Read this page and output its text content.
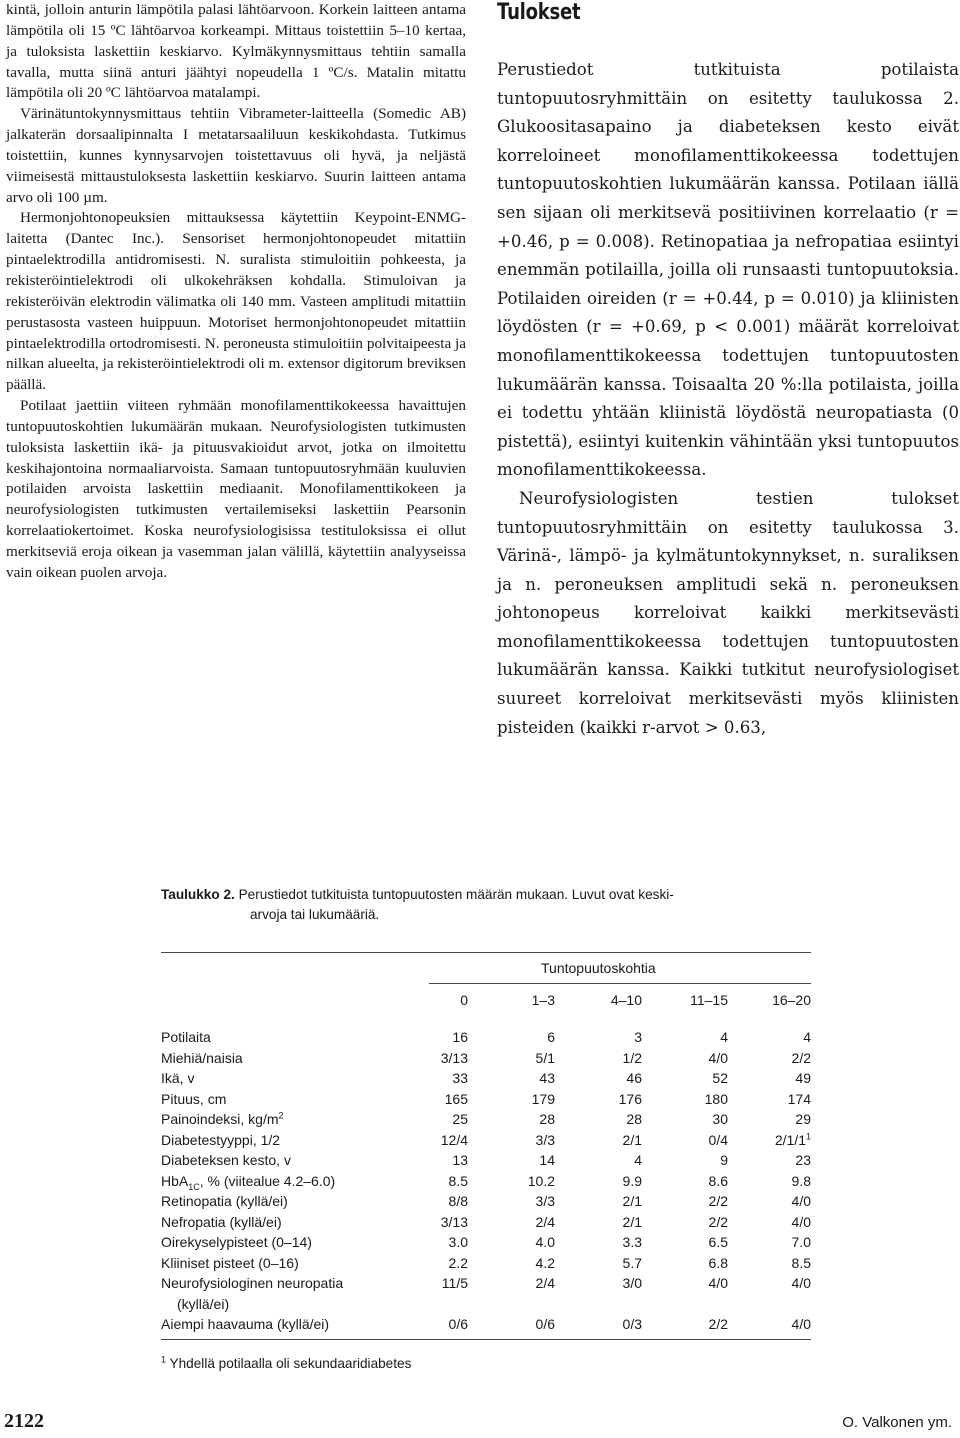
kintä, jolloin anturin lämpötila palasi lähtöarvoon. Korkein laitteen antama lämpötila oli 15 ºC lähtöarvoa korkeampi. Mittaus toistettiin 5–10 kertaa, ja tuloksista laskettiin keskiarvo. Kylmäkynnysmittaus tehtiin samalla tavalla, mutta siinä anturi jäähtyi nopeudella 1 ºC/s. Matalin mitattu lämpötila oli 20 ºC lähtöarvoa matalampi.

Värinätuntokynnysmittaus tehtiin Vibrameter-laitteella (Somedic AB) jalkaterän dorsaalipinnalta I metatarsaaliluun keskikohdasta. Tutkimus toistettiin, kunnes kynnysarvojen toistettavuus oli hyvä, ja neljästä viimeisestä mittaustuloksesta laskettiin keskiarvo. Suurin laitteen antama arvo oli 100 µm.

Hermonjohtonopeuksien mittauksessa käytettiin Keypoint-ENMG-laitetta (Dantec Inc.). Sensoriset hermonjohtonopeudet mitattiin pintaelektrodilla antidromisesti. N. suralista stimuloitiin pohkeesta, ja rekisteröintielektrodi oli ulkokehräksen kohdalla. Stimuloivan ja rekisteröivän elektrodin välimatka oli 140 mm. Vasteen amplitudi mitattiin perustasosta vasteen huippuun. Motoriset hermonjohtonopeudet mitattiin pintaelektrodilla ortodromisesti. N. peroneusta stimuloitiin polvitaipeesta ja nilkan alueelta, ja rekisteröintielektrodi oli m. extensor digitorum breviksen päällä.

Potilaat jaettiin viiteen ryhmään monofilamenttikokeessa havaittujen tuntopuutoskohtien lukumäärän mukaan. Neurofysiologisten tutkimusten tuloksista laskettiin ikä- ja pituusvakioidut arvot, jotka on ilmoitettu keskihajontoina normaaliarvoista. Samaan tuntopuutosryhmään kuuluvien potilaiden arvoista laskettiin mediaanit. Monofilamenttikokeen ja neurofysiologisten tutkimusten vertailemiseksi laskettiin Pearsonin korrelaatiokertoimet. Koska neurofysiologisissa testituloksissa ei ollut merkitseviä eroja oikean ja vasemman jalan välillä, käytettiin analyyseissa vain oikean puolen arvoja.

Tulokset

Perustiedot tutkituista potilaista tuntopuutosryhmittäin on esitetty taulukossa 2. Glukoositasapaino ja diabeteksen kesto eivät korreloineet monofilamenttikokeessa todettujen tuntopuutoskohtien lukumäärän kanssa. Potilaan iällä sen sijaan oli merkitsevä positiivinen korrelaatio (r = +0.46, p = 0.008). Retinopatiaa ja nefropatiaa esiintyi enemmän potilailla, joilla oli runsaasti tuntopuutoksia. Potilaiden oireiden (r = +0.44, p = 0.010) ja kliinisten löydösten (r = +0.69, p < 0.001) määrät korreloivat monofilamenttikokeessa todettujen tuntopuutosten lukumäärän kanssa. Toisaalta 20 %:lla potilaista, joilla ei todettu yhtään kliinistä löydöstä neuropatiasta (0 pistettä), esiintyi kuitenkin vähintään yksi tuntopuutos monofilamenttikokeessa.

Neurofysiologisten testien tulokset tuntopuutosryhmittäin on esitetty taulukossa 3. Värinä-, lämpö- ja kylmätuntokynnykset, n. suraliksen ja n. peroneuksen amplitudi sekä n. peroneuksen johtonopeus korreloivat kaikki merkitsevästi monofilamenttikokeessa todettujen tuntopuutosten lukumäärän kanssa. Kaikki tutkitut neurofysiologiset suureet korreloivat merkitsevästi myös kliinisten pisteiden (kaikki r-arvot > 0.63,

Taulukko 2. Perustiedot tutkituista tuntopuutosten määrän mukaan. Luvut ovat keski-
arvoja tai lukumääriä.
Tuntopuutoskohtia
	0	1–3	4–10	11–15	16–20
Potilaita	16	6	3	4	4
Miehiä/naisia	3/13	5/1	1/2	4/0	2/2
Ikä, v	33	43	46	52	49
Pituus, cm	165	179	176	180	174
Painoindeksi, $kg/m^2$	25	28	28	30	29
Diabetestyyppi, 1/2	12/4	3/3	2/1	0/4	$2/1/1^1$
Diabeteksen kesto, v	13	14	4	9	23
HbA$_{1C}$, % (viitealue 4.2–6.0)	8.5	10.2	9.9	8.6	9.8
Retinopatia (kyllä/ei)	8/8	3/3	2/1	2/2	4/0
Nefropatia (kyllä/ei)	3/13	2/4	2/1	2/2	4/0
Oirekyselypisteet (0–14)	3.0	4.0	3.3	6.5	7.0
Kliiniset pisteet (0–16)	2.2	4.2	5.7	6.8	8.5
Neurofysiologinen neuropatia	11/5	2/4	3/0	4/0	4/0
(kyllä/ei)					
Aiempi haavauma (kyllä/ei)	0/6	0/6	0/3	2/2	4/0
$^1$ Yhdellä potilaalla oli sekundaaridiabetes
2122	O. Valkonen ym.
